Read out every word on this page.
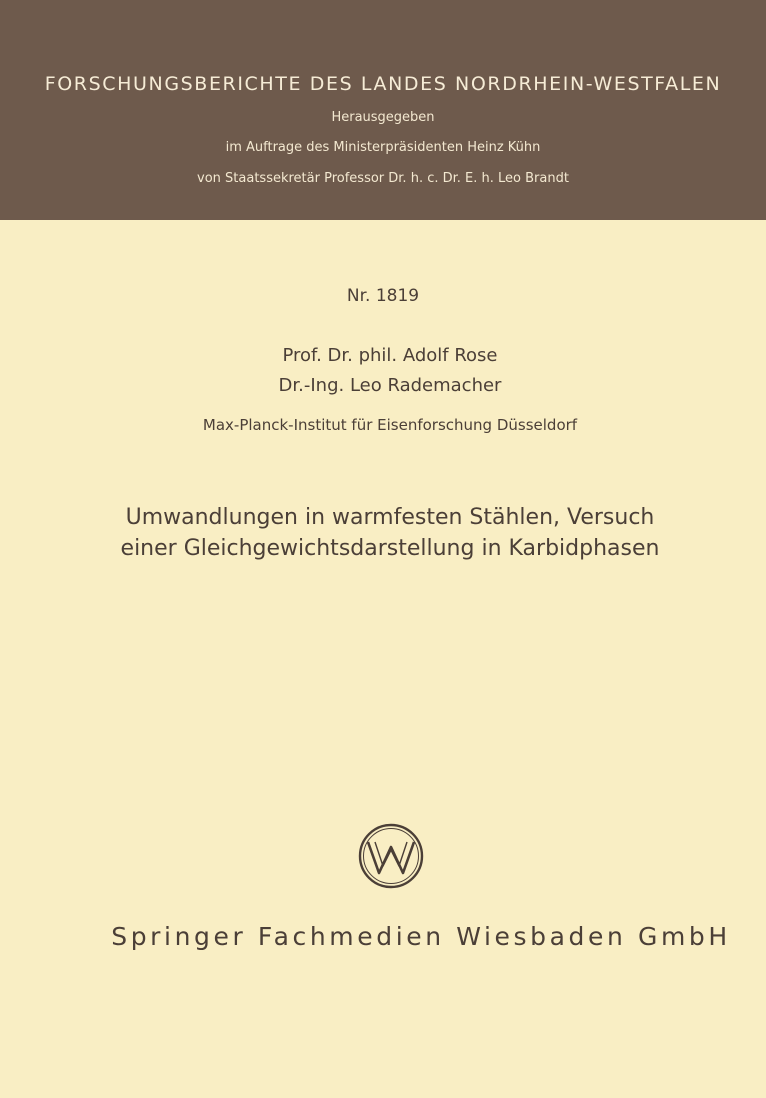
FORSCHUNGSBERICHTE DES LANDES NORDRHEIN-WESTFALEN
Herausgegeben
im Auftrage des Ministerpräsidenten Heinz Kühn
von Staatssekretär Professor Dr. h. c. Dr. E. h. Leo Brandt
Nr. 1819
Prof. Dr. phil. Adolf Rose
Dr.-Ing. Leo Rademacher
Max-Planck-Institut für Eisenforschung Düsseldorf
Umwandlungen in warmfesten Stählen, Versuch
einer Gleichgewichtsdarstellung in Karbidphasen
Springer Fachmedien Wiesbaden GmbH
